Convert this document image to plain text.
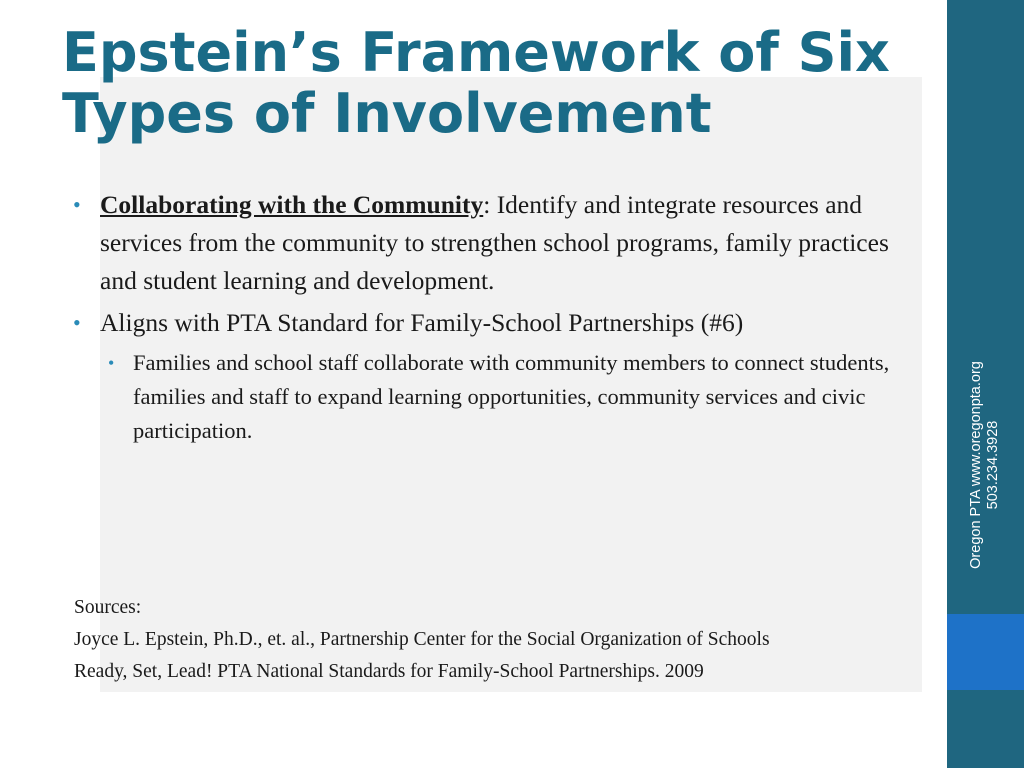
Epstein’s Framework of Six Types of Involvement
• Collaborating with the Community: Identify and integrate resources and services from the community to strengthen school programs, family practices and student learning and development.
• Aligns with PTA Standard for Family-School Partnerships (#6)
• Families and school staff collaborate with community members to connect students, families and staff to expand learning opportunities, community services and civic participation.
Sources:
Joyce L. Epstein, Ph.D., et. al., Partnership Center for the Social Organization of Schools
Ready, Set, Lead! PTA National Standards for Family-School Partnerships. 2009
Oregon PTA www.oregonpta.org 503.234.3928
